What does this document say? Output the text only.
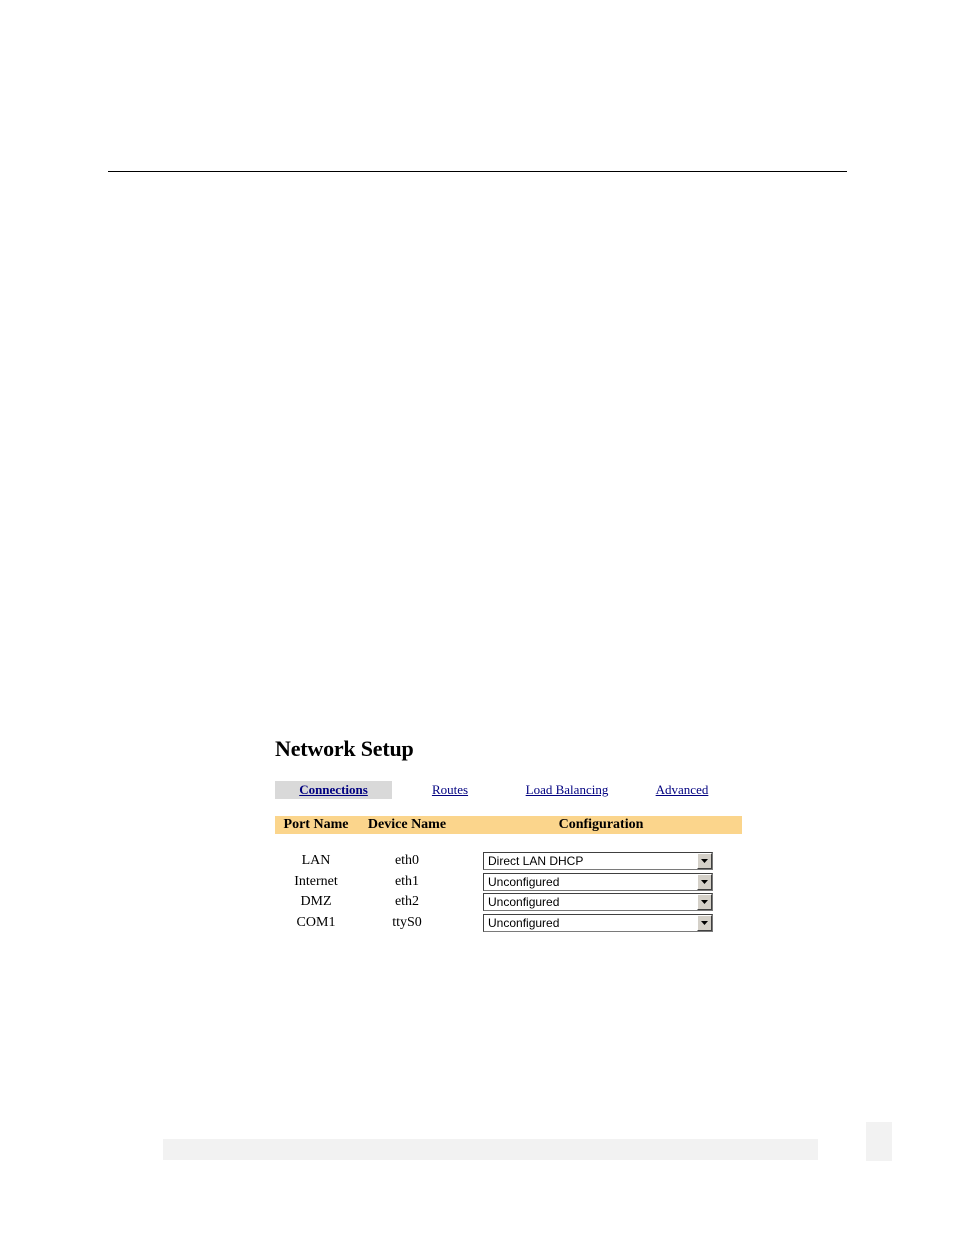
Network Setup
Connections	Routes	Load Balancing	Advanced
Port Name	Device Name	Configuration
LAN	eth0	Direct LAN DHCP
Internet	eth1	Unconfigured
DMZ	eth2	Unconfigured
COM1	ttyS0	Unconfigured
